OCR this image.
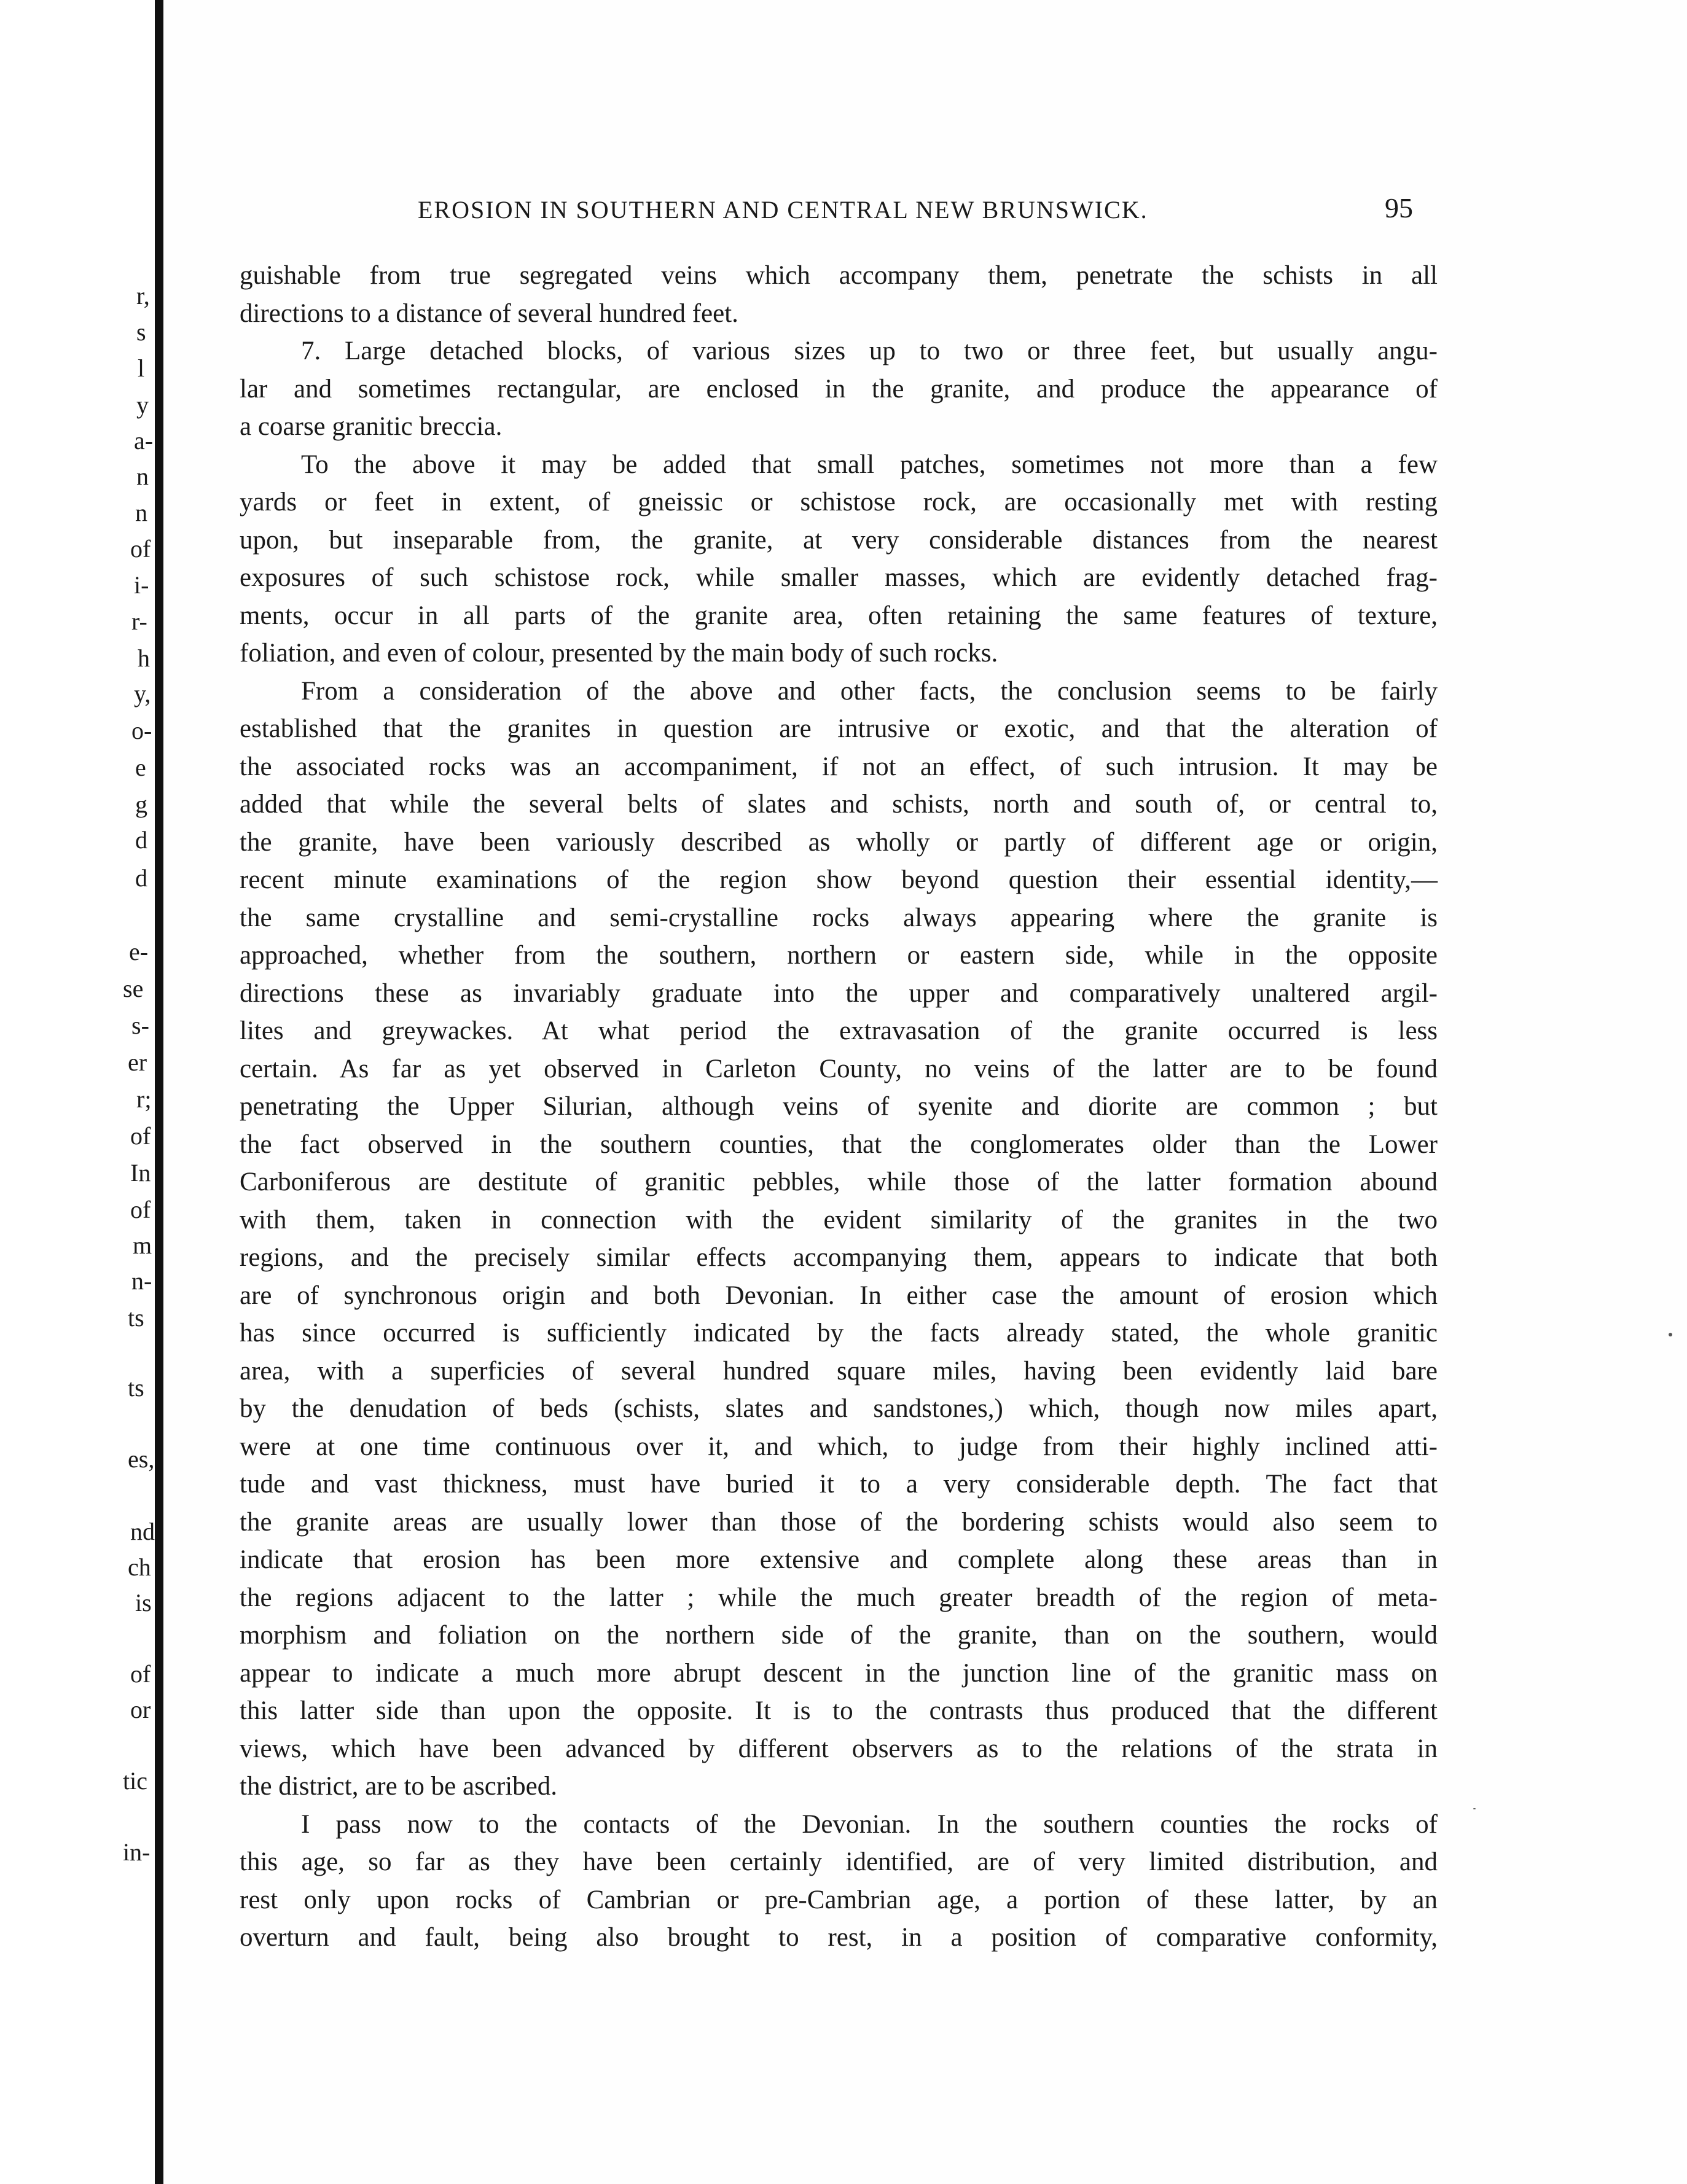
r,
s
l
y
a-
n
n
of
i-
r-
h
y,
o-
e
g
d
d
e-
se
s-
er
r;
of
In
of
m
n-
ts
ts
es,
nd
ch
is
of
or
tic
in-
EROSION IN SOUTHERN AND CENTRAL NEW BRUNSWICK.	95
guishable from true segregated veins which accompany them, penetrate the schists in all
directions to a distance of several hundred feet.
7. Large detached blocks, of various sizes up to two or three feet, but usually angu-
lar and sometimes rectangular, are enclosed in the granite, and produce the appearance of
a coarse granitic breccia.
To the above it may be added that small patches, sometimes not more than a few
yards or feet in extent, of gneissic or schistose rock, are occasionally met with resting
upon, but inseparable from, the granite, at very considerable distances from the nearest
exposures of such schistose rock, while smaller masses, which are evidently detached frag-
ments, occur in all parts of the granite area, often retaining the same features of texture,
foliation, and even of colour, presented by the main body of such rocks.
From a consideration of the above and other facts, the conclusion seems to be fairly
established that the granites in question are intrusive or exotic, and that the alteration of
the associated rocks was an accompaniment, if not an effect, of such intrusion. It may be
added that while the several belts of slates and schists, north and south of, or central to,
the granite, have been variously described as wholly or partly of different age or origin,
recent minute examinations of the region show beyond question their essential identity,—
the same crystalline and semi-crystalline rocks always appearing where the granite is
approached, whether from the southern, northern or eastern side, while in the opposite
directions these as invariably graduate into the upper and comparatively unaltered argil-
lites and greywackes. At what period the extravasation of the granite occurred is less
certain. As far as yet observed in Carleton County, no veins of the latter are to be found
penetrating the Upper Silurian, although veins of syenite and diorite are common ; but
the fact observed in the southern counties, that the conglomerates older than the Lower
Carboniferous are destitute of granitic pebbles, while those of the latter formation abound
with them, taken in connection with the evident similarity of the granites in the two
regions, and the precisely similar effects accompanying them, appears to indicate that both
are of synchronous origin and both Devonian. In either case the amount of erosion which
has since occurred is sufficiently indicated by the facts already stated, the whole granitic
area, with a superficies of several hundred square miles, having been evidently laid bare
by the denudation of beds (schists, slates and sandstones,) which, though now miles apart,
were at one time continuous over it, and which, to judge from their highly inclined atti-
tude and vast thickness, must have buried it to a very considerable depth. The fact that
the granite areas are usually lower than those of the bordering schists would also seem to
indicate that erosion has been more extensive and complete along these areas than in
the regions adjacent to the latter ; while the much greater breadth of the region of meta-
morphism and foliation on the northern side of the granite, than on the southern, would
appear to indicate a much more abrupt descent in the junction line of the granitic mass on
this latter side than upon the opposite. It is to the contrasts thus produced that the different
views, which have been advanced by different observers as to the relations of the strata in
the district, are to be ascribed.
I pass now to the contacts of the Devonian. In the southern counties the rocks of
this age, so far as they have been certainly identified, are of very limited distribution, and
rest only upon rocks of Cambrian or pre-Cambrian age, a portion of these latter, by an
overturn and fault, being also brought to rest, in a position of comparative conformity,
